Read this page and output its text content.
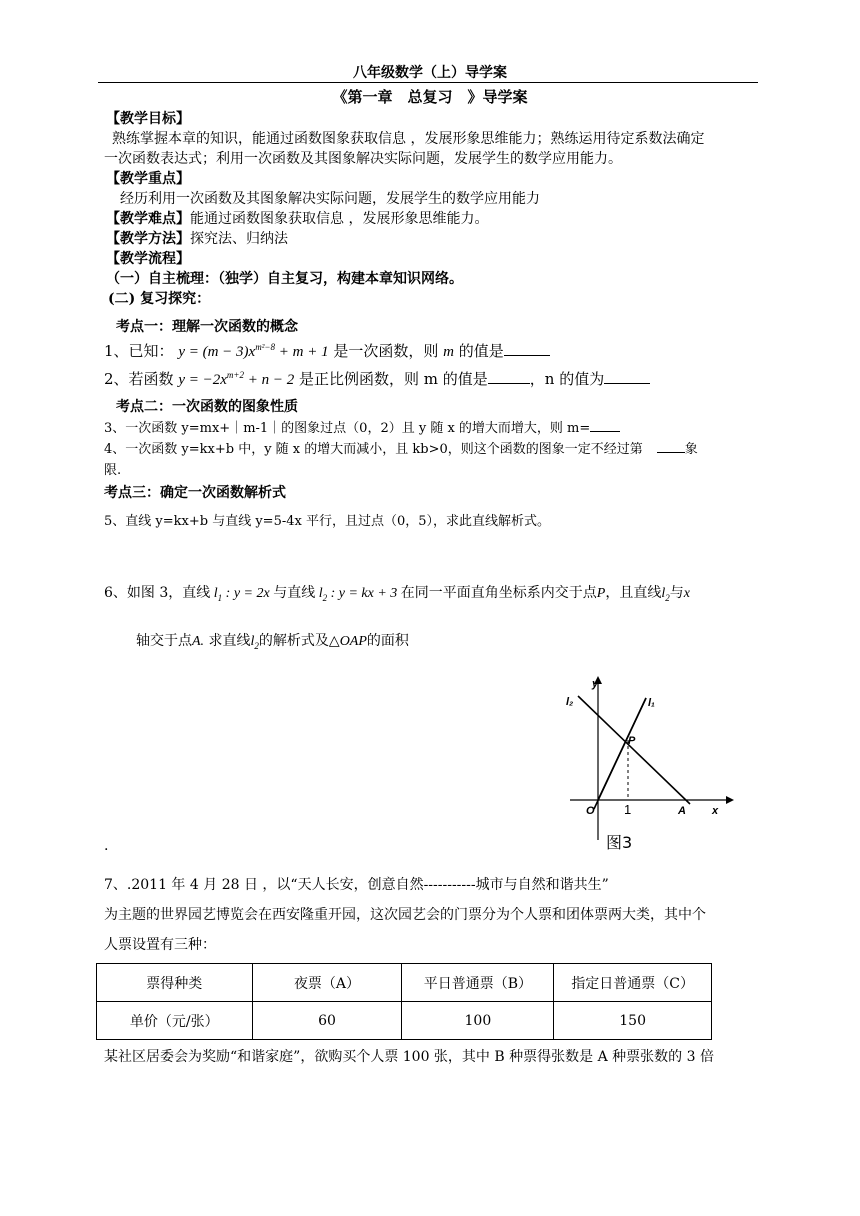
八年级数学（上）导学案
《第一章　总复习　》导学案
【教学目标】
熟练掌握本章的知识，能通过函数图象获取信息 ，发展形象思维能力；熟练运用待定系数法确定
一次函数表达式；利用一次函数及其图象解决实际问题，发展学生的数学应用能力。
【教学重点】
经历利用一次函数及其图象解决实际问题，发展学生的数学应用能力
【教学难点】能通过函数图象获取信息 ，发展形象思维能力。
【教学方法】探究法、归纳法
【教学流程】
（一）自主梳理：（独学）自主复习，构建本章知识网络。
(二) 复习探究：
考点一：理解一次函数的概念
1、已知： $y = (m - 3)x^{m^2-8} + m + 1$ 是一次函数，则 m 的值是
2、若函数 $y = -2x^{m+2} + n - 2$ 是正比例函数，则 m 的值是	，n 的值为
考点二：一次函数的图象性质
3、一次函数 y=mx+｜m-1｜的图象过点（0，2）且 y 随 x 的增大而增大，则 m=
4、一次函数 y=kx+b 中，y 随 x 的增大而减小，且 kb>0，则这个函数的图象一定不经过第	象
限.
考点三：确定一次函数解析式
5、直线 y=kx+b 与直线 y=5-4x 平行，且过点（0，5），求此直线解析式。
6、如图 3，直线 $l_1$ : y = 2x 与直线 $l_2$ : y = kx + 3 在同一平面直角坐标系内交于点P，且直线$l_2$与x
轴交于点A. 求直线$l_2$的解析式及△OAP的面积
y
l₂	l₁
P
O 1	A x
图3
.
7、.2011 年 4 月 28 日 ，以“天人长安，创意自然-----------城市与自然和谐共生”
为主题的世界园艺博览会在西安隆重开园，这次园艺会的门票分为个人票和团体票两大类，其中个
人票设置有三种：
票得种类	夜票（A）	平日普通票（B）	指定日普通票（C）
单价（元/张）	60	100	150
某社区居委会为奖励“和谐家庭”，欲购买个人票 100 张，其中 B 种票得张数是 A 种票张数的 3 倍
